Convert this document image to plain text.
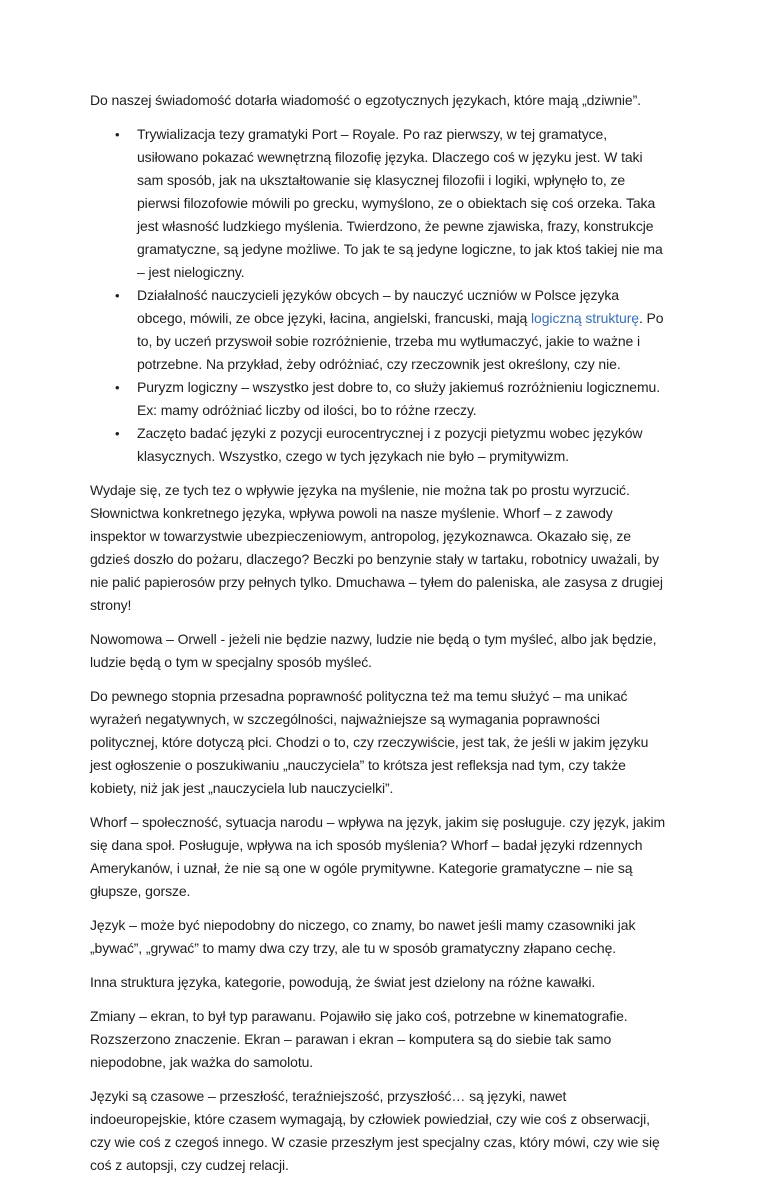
Do naszej świadomość dotarła wiadomość o egzotycznych językach, które mają „dziwnie”.

• Trywializacja tezy gramatyki Port – Royale. Po raz pierwszy, w tej gramatyce, usiłowano pokazać wewnętrzną filozofię języka. Dlaczego coś w języku jest. W taki sam sposób, jak na ukształtowanie się klasycznej filozofii i logiki, wpłynęło to, ze pierwsi filozofowie mówili po grecku, wymyślono, ze o obiektach się coś orzeka. Taka jest własność ludzkiego myślenia. Twierdzono, że pewne zjawiska, frazy, konstrukcje gramatyczne, są jedyne możliwe. To jak te są jedyne logiczne, to jak ktoś takiej nie ma – jest nielogiczny.
• Działalność nauczycieli języków obcych – by nauczyć uczniów w Polsce języka obcego, mówili, ze obce języki, łacina, angielski, francuski, mają logiczną strukturę. Po to, by uczeń przyswoił sobie rozróżnienie, trzeba mu wytłumaczyć, jakie to ważne i potrzebne. Na przykład, żeby odróżniać, czy rzeczownik jest określony, czy nie.
• Puryzm logiczny – wszystko jest dobre to, co służy jakiemuś rozróżnieniu logicznemu. Ex: mamy odróżniać liczby od ilości, bo to różne rzeczy.
• Zaczęto badać języki z pozycji eurocentrycznej i z pozycji pietyzmu wobec języków klasycznych. Wszystko, czego w tych językach nie było – prymitywizm.

Wydaje się, ze tych tez o wpływie języka na myślenie, nie można tak po prostu wyrzucić. Słownictwa konkretnego języka, wpływa powoli na nasze myślenie. Whorf – z zawody inspektor w towarzystwie ubezpieczeniowym, antropolog, językoznawca. Okazało się, ze gdzieś doszło do pożaru, dlaczego? Beczki po benzynie stały w tartaku, robotnicy uważali, by nie palić papierosów przy pełnych tylko. Dmuchawa – tyłem do paleniska, ale zasysa z drugiej strony!

Nowomowa – Orwell - jeżeli nie będzie nazwy, ludzie nie będą o tym myśleć, albo jak będzie, ludzie będą o tym w specjalny sposób myśleć.

Do pewnego stopnia przesadna poprawność polityczna też ma temu służyć – ma unikać wyrażeń negatywnych, w szczególności, najważniejsze są wymagania poprawności politycznej, które dotyczą płci. Chodzi o to, czy rzeczywiście, jest tak, że jeśli w jakim języku jest ogłoszenie o poszukiwaniu „nauczyciela” to krótsza jest refleksja nad tym, czy także kobiety, niż jak jest „nauczyciela lub nauczycielki”.

Whorf – społeczność, sytuacja narodu – wpływa na język, jakim się posługuje. czy język, jakim się dana społ. Posługuje, wpływa na ich sposób myślenia? Whorf – badał języki rdzennych Amerykanów, i uznał, że nie są one w ogóle prymitywne. Kategorie gramatyczne – nie są głupsze, gorsze.

Język – może być niepodobny do niczego, co znamy, bo nawet jeśli mamy czasowniki jak „bywać”, „grywać” to mamy dwa czy trzy, ale tu w sposób gramatyczny złapano cechę.

Inna struktura języka, kategorie, powodują, że świat jest dzielony na różne kawałki.

Zmiany – ekran, to był typ parawanu. Pojawiło się jako coś, potrzebne w kinematografie. Rozszerzono znaczenie. Ekran – parawan i ekran – komputera są do siebie tak samo niepodobne, jak ważka do samolotu.

Języki są czasowe – przeszłość, teraźniejszość, przyszłość… są języki, nawet indoeuropejskie, które czasem wymagają, by człowiek powiedział, czy wie coś z obserwacji, czy wie coś z czegoś innego. W czasie przeszłym jest specjalny czas, który mówi, czy wie się coś z autopsji, czy cudzej relacji.
